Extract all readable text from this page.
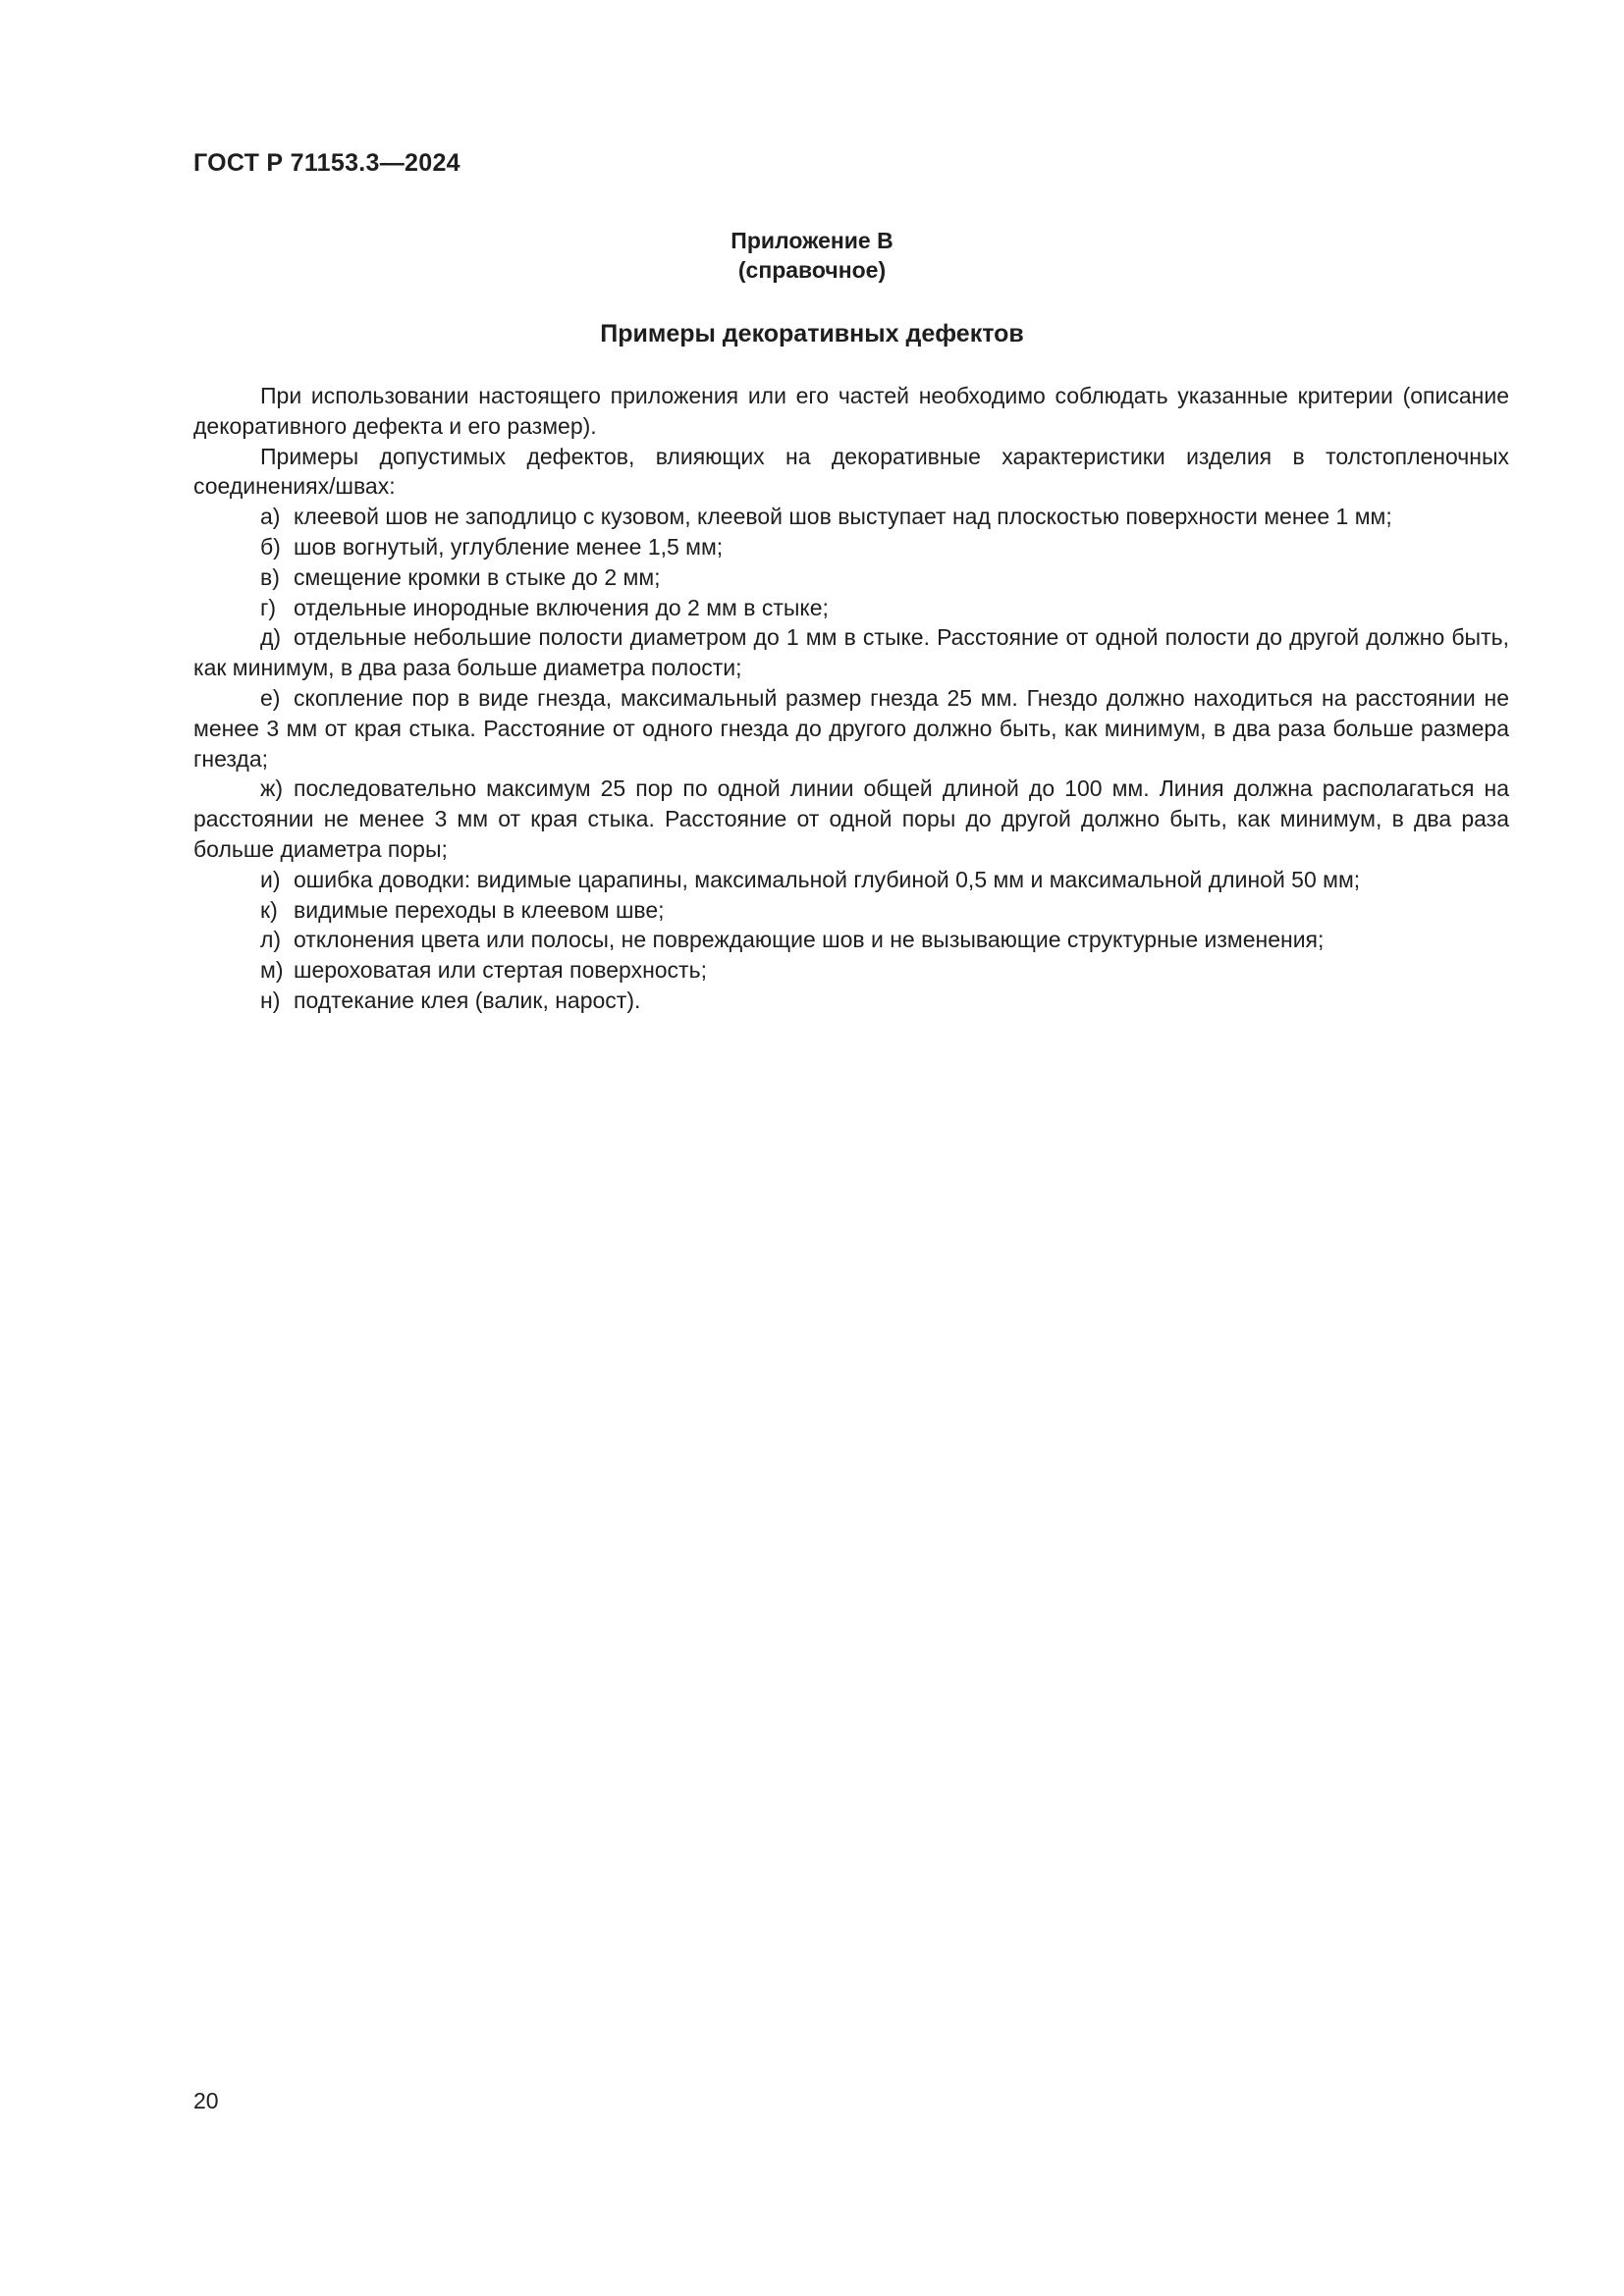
ГОСТ Р 71153.3—2024
Приложение В
(справочное)
Примеры декоративных дефектов

При использовании настоящего приложения или его частей необходимо соблюдать указанные критерии (описание декоративного дефекта и его размер).

Примеры допустимых дефектов, влияющих на декоративные характеристики изделия в толстопленочных соединениях/швах:

а) клеевой шов не заподлицо с кузовом, клеевой шов выступает над плоскостью поверхности менее 1 мм;

б) шов вогнутый, углубление менее 1,5 мм;

в) смещение кромки в стыке до 2 мм;

г) отдельные инородные включения до 2 мм в стыке;

д) отдельные небольшие полости диаметром до 1 мм в стыке. Расстояние от одной полости до другой должно быть, как минимум, в два раза больше диаметра полости;

е) скопление пор в виде гнезда, максимальный размер гнезда 25 мм. Гнездо должно находиться на расстоянии не менее 3 мм от края стыка. Расстояние от одного гнезда до другого должно быть, как минимум, в два раза больше размера гнезда;

ж) последовательно максимум 25 пор по одной линии общей длиной до 100 мм. Линия должна располагаться на расстоянии не менее 3 мм от края стыка. Расстояние от одной поры до другой должно быть, как минимум, в два раза больше диаметра поры;

и) ошибка доводки: видимые царапины, максимальной глубиной 0,5 мм и максимальной длиной 50 мм;

к) видимые переходы в клеевом шве;

л) отклонения цвета или полосы, не повреждающие шов и не вызывающие структурные изменения;

м) шероховатая или стертая поверхность;

н) подтекание клея (валик, нарост).

20
